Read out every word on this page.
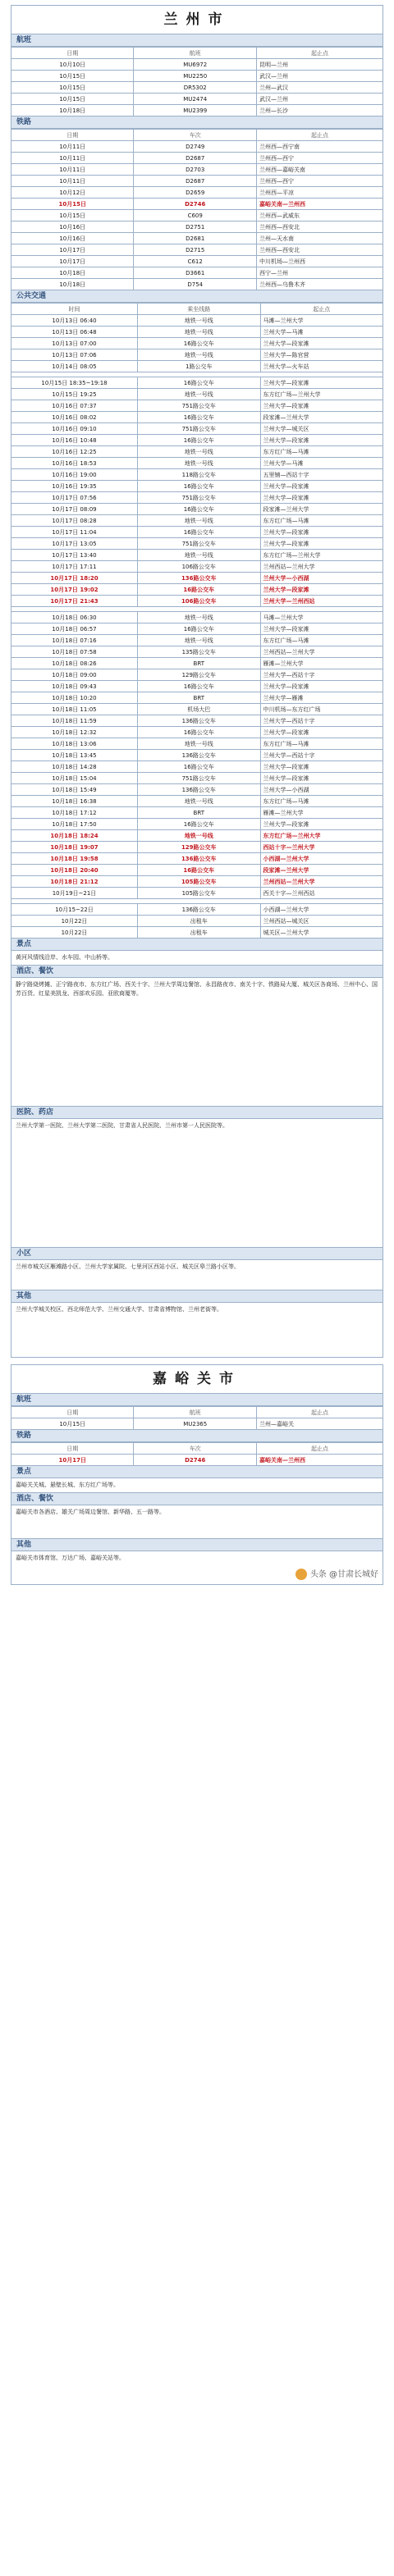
兰州市
航班
日期	航班	起止点
10月10日	MU6972	昆明—兰州
10月15日	MU2250	武汉—兰州
10月15日	DR5302	兰州—武汉
10月15日	MU2474	武汉—兰州
10月18日	MU2399	兰州—长沙
铁路
日期	车次	起止点
10月11日	D2749	兰州西—西宁南
10月11日	D2687	兰州西—西宁
10月11日	D2703	兰州西—嘉峪关南
10月11日	D2687	兰州西—西宁
10月12日	D2659	兰州西—平凉
10月15日	D2746	嘉峪关南—兰州西
10月15日	C609	兰州西—武威东
10月16日	D2751	兰州西—西安北
10月16日	D2681	兰州—天水南
10月17日	D2715	兰州西—西安北
10月17日	C612	中川机场—兰州西
10月18日	D3661	西宁—兰州
10月18日	D754	兰州西—乌鲁木齐
公共交通
时间	乘坐线路	起止点
10月13日 06:40	地铁一号线	马滩—兰州大学
10月13日 06:48	地铁一号线	兰州大学—马滩
10月13日 07:00	16路公交车	兰州大学—段家滩
10月13日 07:06	地铁一号线	兰州大学—陈官营
10月14日 08:05	1路公交车	兰州大学—火车站
10月15日 18:35~19:18	16路公交车	兰州大学—段家滩
10月15日 19:25	地铁一号线	东方红广场—兰州大学
10月16日 07:37	751路公交车	兰州大学—段家滩
10月16日 08:02	16路公交车	段家滩—兰州大学
10月16日 09:10	751路公交车	兰州大学—城关区
10月16日 10:48	16路公交车	兰州大学—段家滩
10月16日 12:25	地铁一号线	东方红广场—马滩
10月16日 18:53	地铁一号线	兰州大学—马滩
10月16日 19:00	118路公交车	五里铺—西站十字
10月16日 19:35	16路公交车	兰州大学—段家滩
10月17日 07:56	751路公交车	兰州大学—段家滩
10月17日 08:09	16路公交车	段家滩—兰州大学
10月17日 08:28	地铁一号线	东方红广场—马滩
10月17日 11:04	16路公交车	兰州大学—段家滩
10月17日 13:05	751路公交车	兰州大学—段家滩
10月17日 13:40	地铁一号线	东方红广场—兰州大学
10月17日 17:11	106路公交车	兰州西站—兰州大学
10月17日 18:20	136路公交车	兰州大学—小西湖
10月17日 19:02	16路公交车	兰州大学—段家滩
10月17日 21:43	106路公交车	兰州大学—兰州西站
10月18日 06:30	地铁一号线	马滩—兰州大学
10月18日 06:57	16路公交车	兰州大学—段家滩
10月18日 07:16	地铁一号线	东方红广场—马滩
10月18日 07:58	135路公交车	兰州西站—兰州大学
10月18日 08:26	BRT	雁滩—兰州大学
10月18日 09:00	129路公交车	兰州大学—西站十字
10月18日 09:43	16路公交车	兰州大学—段家滩
10月18日 10:20	BRT	兰州大学—雁滩
10月18日 11:05	机场大巴	中川机场—东方红广场
10月18日 11:59	136路公交车	兰州大学—西站十字
10月18日 12:32	16路公交车	兰州大学—段家滩
10月18日 13:06	地铁一号线	东方红广场—马滩
10月18日 13:45	136路公交车	兰州大学—西站十字
10月18日 14:28	16路公交车	兰州大学—段家滩
10月18日 15:04	751路公交车	兰州大学—段家滩
10月18日 15:49	136路公交车	兰州大学—小西湖
10月18日 16:38	地铁一号线	东方红广场—马滩
10月18日 17:12	BRT	雁滩—兰州大学
10月18日 17:50	16路公交车	兰州大学—段家滩
10月18日 18:24	地铁一号线	东方红广场—兰州大学
10月18日 19:07	129路公交车	西站十字—兰州大学
10月18日 19:58	136路公交车	小西湖—兰州大学
10月18日 20:40	16路公交车	段家滩—兰州大学
10月18日 21:12	105路公交车	兰州西站—兰州大学
10月19日~21日	105路公交车	西关十字—兰州西站
10月15~22日	136路公交车	小西湖—兰州大学
10月22日	出租车	兰州西站—城关区
10月22日	出租车	城关区—兰州大学
景点
黄河风情线沿岸、水车园、中山桥等。
酒店、餐饮
静宁路烧烤摊、正宁路夜市、东方红广场、西关十字、兰州大学周边餐馆、永昌路夜市、南关十字、铁路局大厦、城关区各商场、兰州中心、国芳百货、红星美凯龙、西部欢乐园、亚欧商厦等。
医院、药店
兰州大学第一医院、兰州大学第二医院、甘肃省人民医院、兰州市第一人民医院等。
小区
兰州市城关区雁滩路小区、兰州大学家属院、七里河区西站小区、城关区皋兰路小区等。
其他
兰州大学城关校区、西北师范大学、兰州交通大学、甘肃省博物馆、兰州老街等。
嘉峪关市
航班
日期	航班	起止点
10月15日	MU2365	兰州—嘉峪关
铁路
日期	车次	起止点
10月17日	D2746	嘉峪关南—兰州西
景点
嘉峪关关城、悬壁长城、东方红广场等。
酒店、餐饮
嘉峪关市各酒店、雄关广场周边餐馆、新华路、五一路等。
其他
嘉峪关市体育馆、万达广场、嘉峪关站等。
头条 @甘肃长城好
